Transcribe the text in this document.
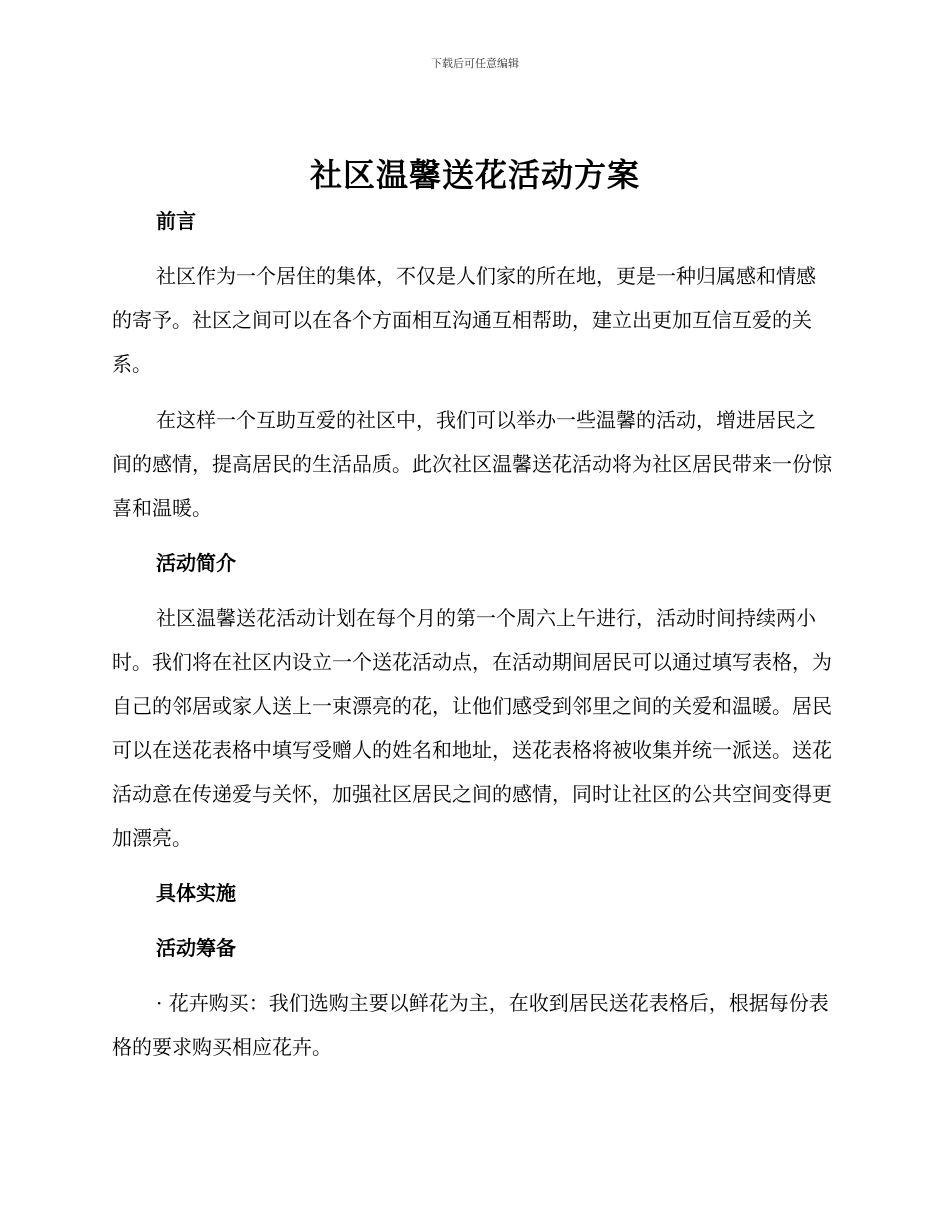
下载后可任意编辑
社区温馨送花活动方案
前言

社区作为一个居住的集体，不仅是人们家的所在地，更是一种归属感和情感的寄予。社区之间可以在各个方面相互沟通互相帮助，建立出更加互信互爱的关系。

在这样一个互助互爱的社区中，我们可以举办一些温馨的活动，增进居民之间的感情，提高居民的生活品质。此次社区温馨送花活动将为社区居民带来一份惊喜和温暖。

活动简介

社区温馨送花活动计划在每个月的第一个周六上午进行，活动时间持续两小时。我们将在社区内设立一个送花活动点，在活动期间居民可以通过填写表格，为自己的邻居或家人送上一束漂亮的花，让他们感受到邻里之间的关爱和温暖。居民可以在送花表格中填写受赠人的姓名和地址，送花表格将被收集并统一派送。送花活动意在传递爱与关怀，加强社区居民之间的感情，同时让社区的公共空间变得更加漂亮。

具体实施
活动筹备

· 花卉购买：我们选购主要以鲜花为主，在收到居民送花表格后，根据每份表格的要求购买相应花卉。
